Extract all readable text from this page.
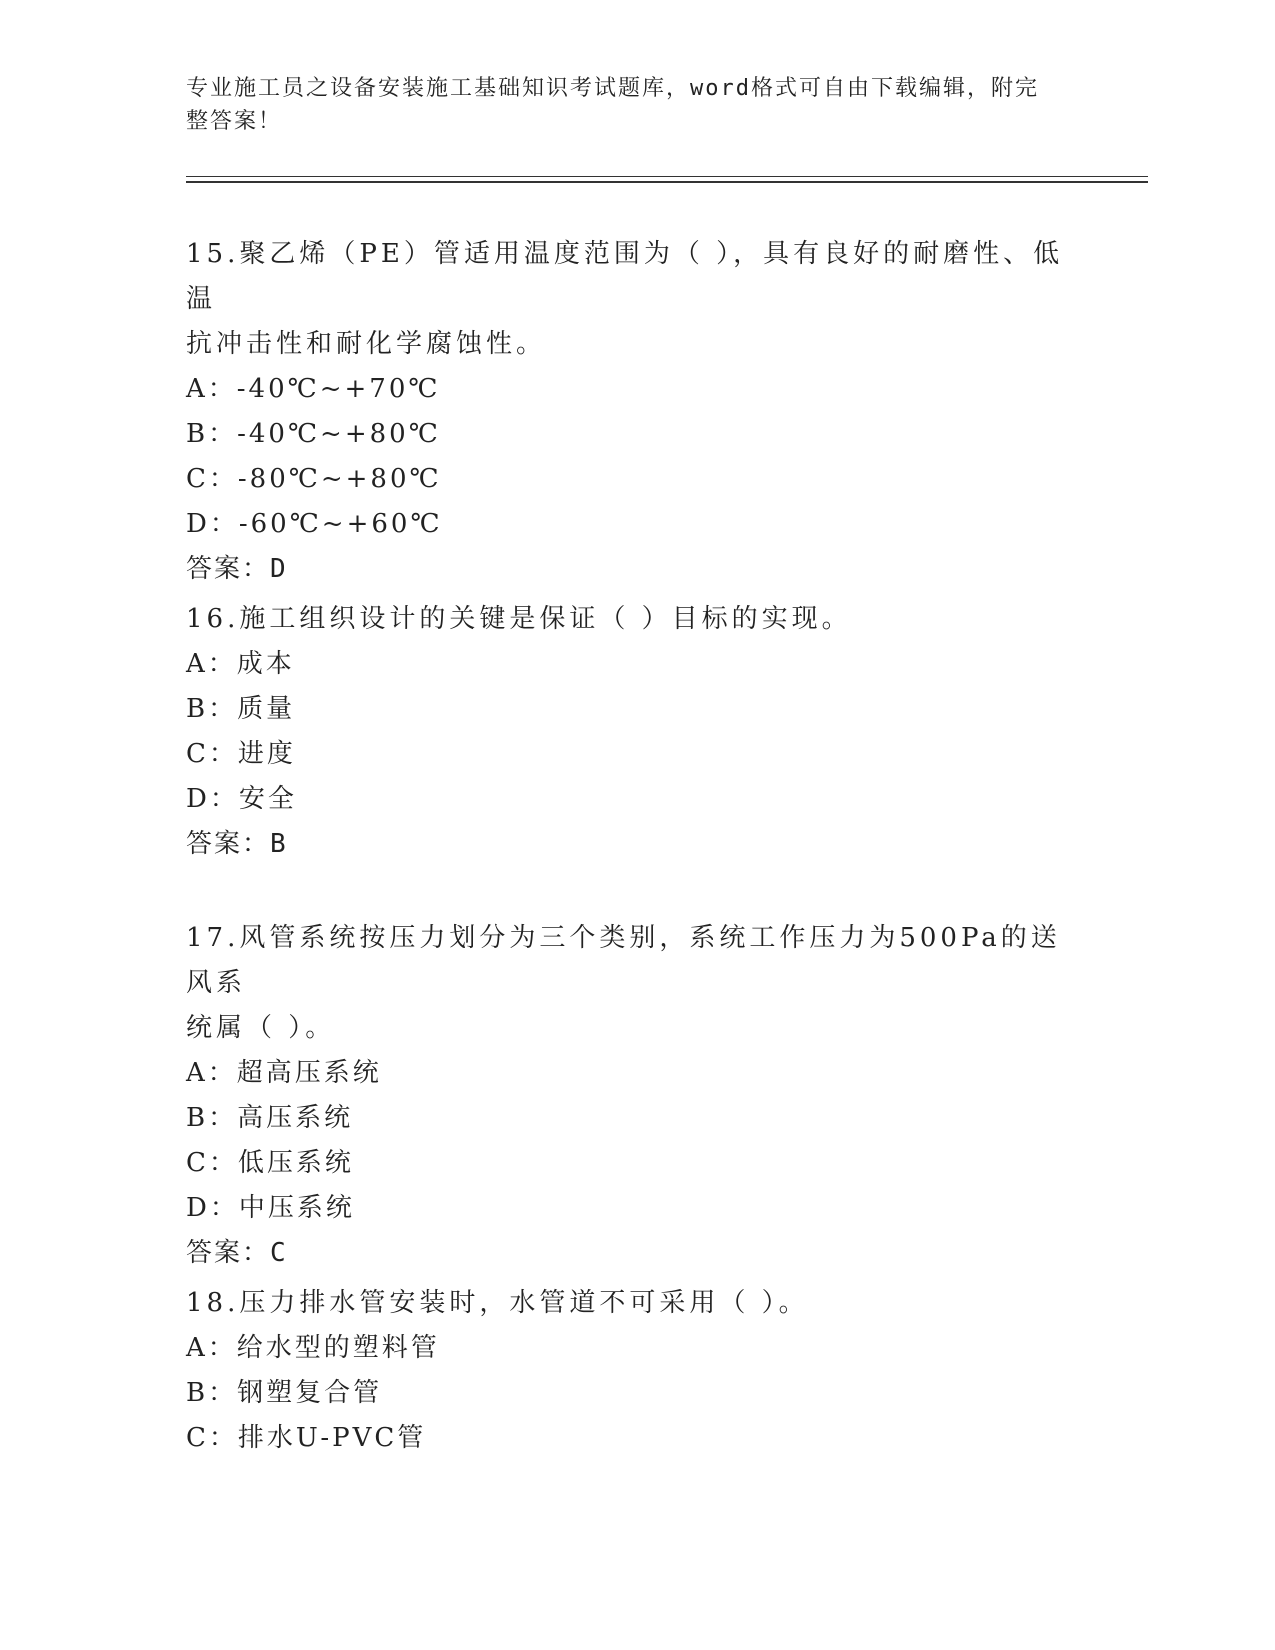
专业施工员之设备安装施工基础知识考试题库，word格式可自由下载编辑，附完
整答案！

15.聚乙烯（PE）管适用温度范围为（ ），具有良好的耐磨性、低温

抗冲击性和耐化学腐蚀性。

A：-40℃~+70℃

B：-40℃~+80℃

C：-80℃~+80℃

D：-60℃~+60℃

答案：D

16.施工组织设计的关键是保证（ ）目标的实现。

A：成本

B：质量

C：进度

D：安全

答案：B

17.风管系统按压力划分为三个类别，系统工作压力为500Pa的送风系

统属（ ）。

A：超高压系统

B：高压系统

C：低压系统

D：中压系统

答案：C

18.压力排水管安装时，水管道不可采用（ ）。

A：给水型的塑料管

B：钢塑复合管

C：排水U-PVC管
